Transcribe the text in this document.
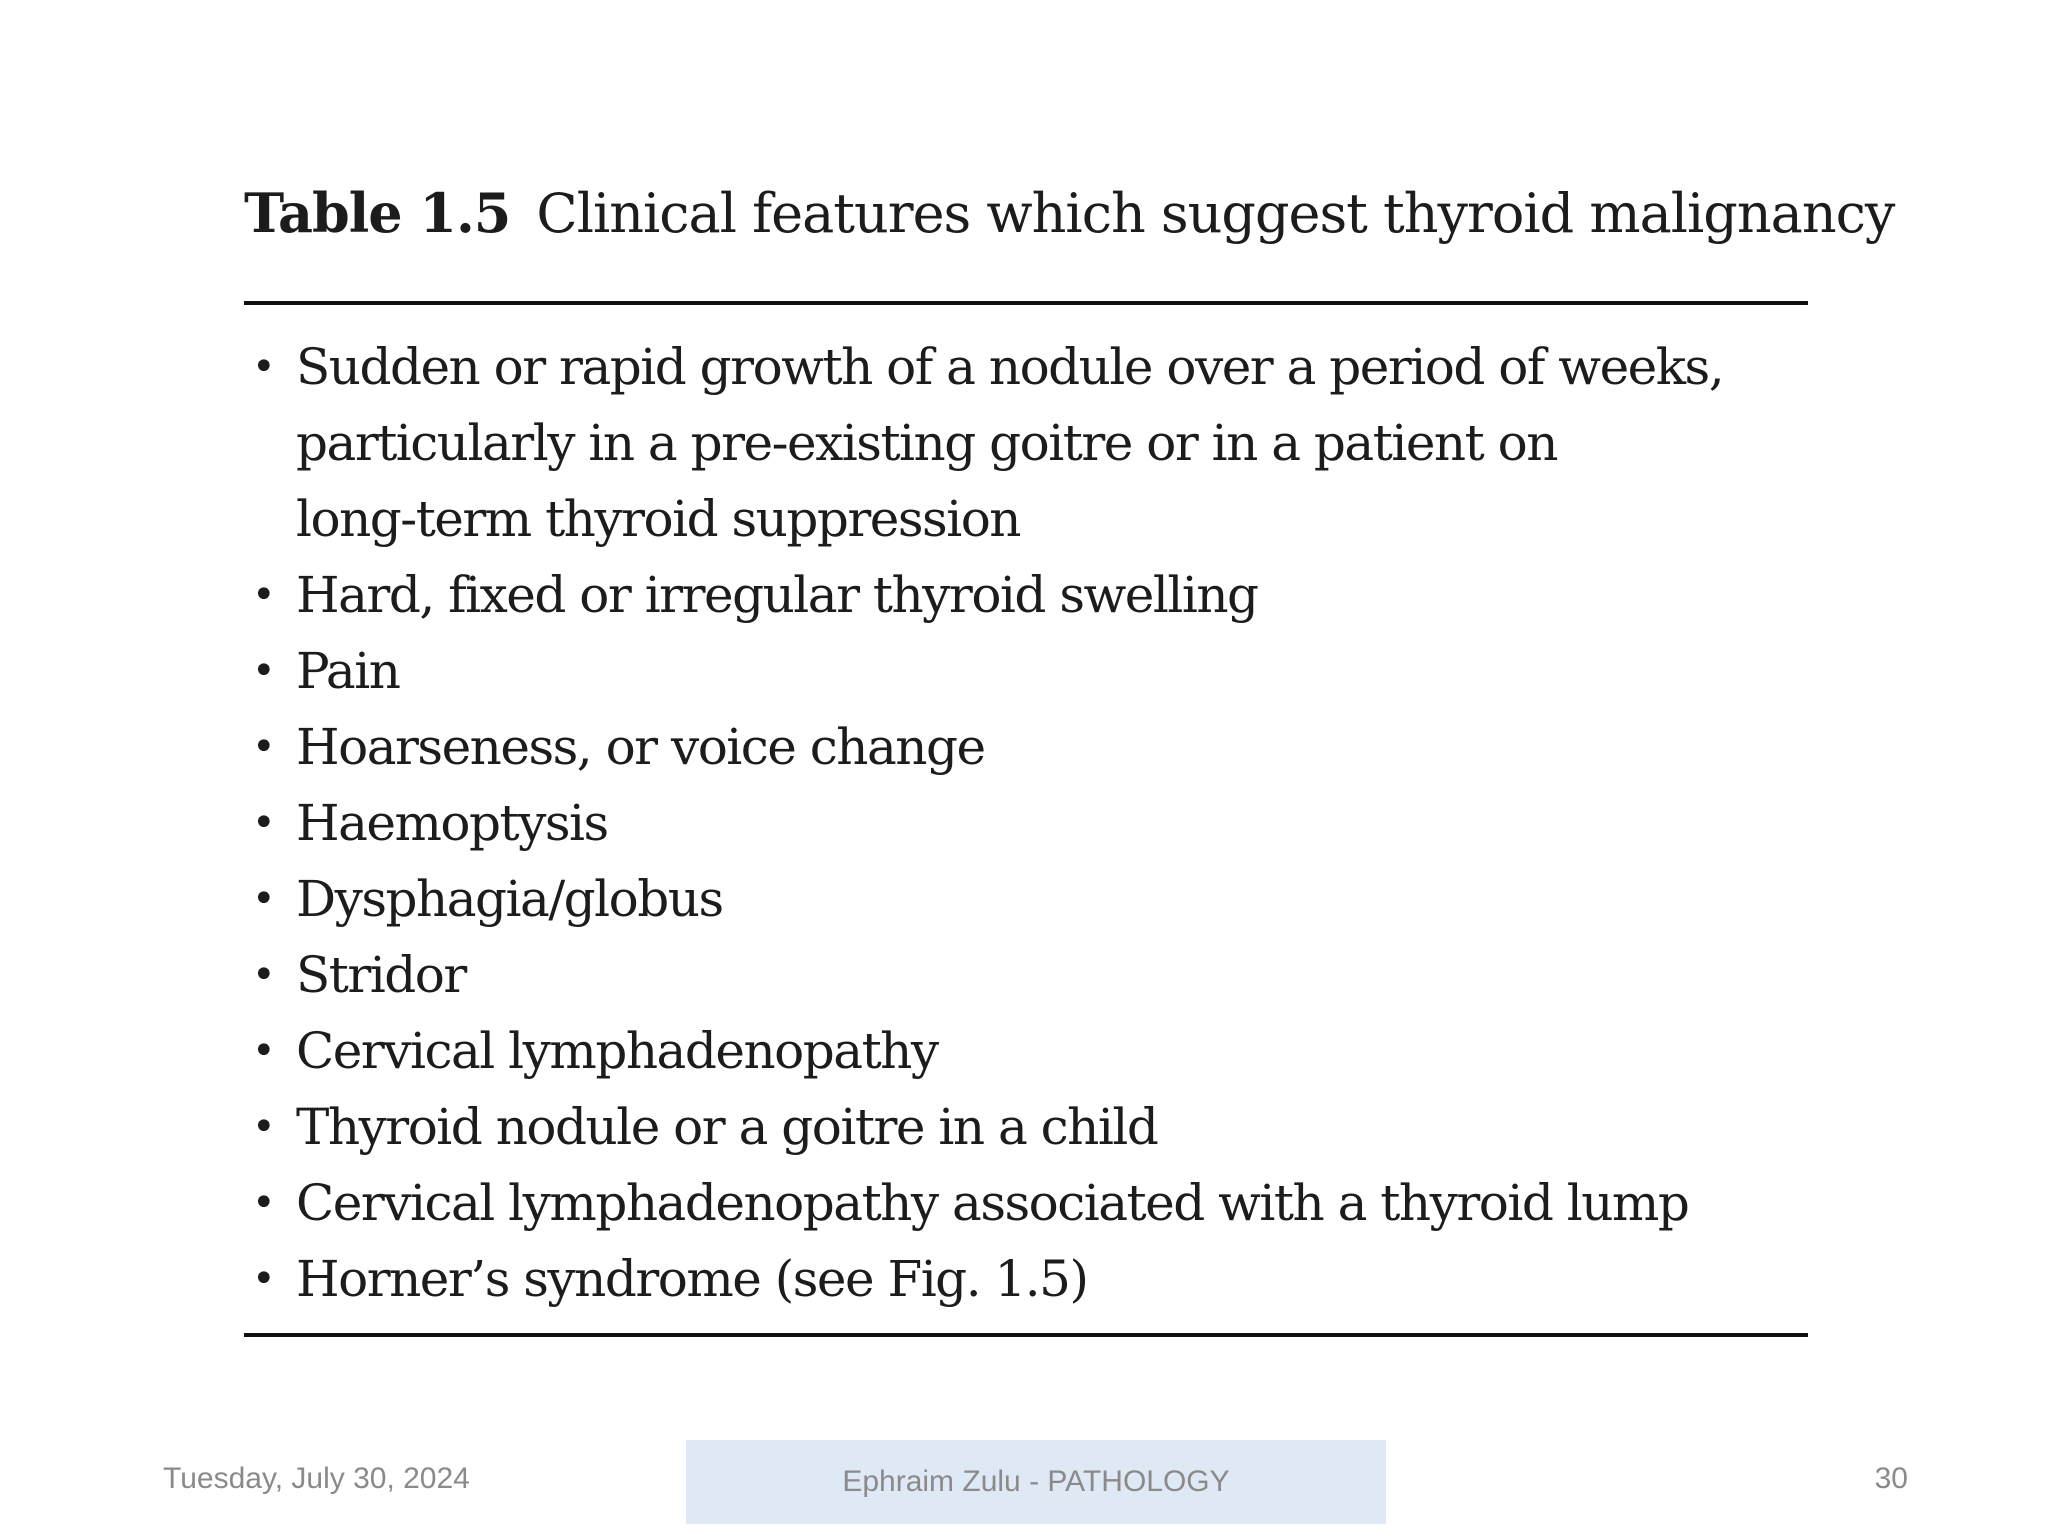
Table 1.5 Clinical features which suggest thyroid malignancy
• Sudden or rapid growth of a nodule over a period of weeks,
particularly in a pre-existing goitre or in a patient on
long-term thyroid suppression
• Hard, fixed or irregular thyroid swelling
• Pain
• Hoarseness, or voice change
• Haemoptysis
• Dysphagia/globus
• Stridor
• Cervical lymphadenopathy
• Thyroid nodule or a goitre in a child
• Cervical lymphadenopathy associated with a thyroid lump
• Horner’s syndrome (see Fig. 1.5)
Tuesday, July 30, 2024	Ephraim Zulu - PATHOLOGY	30
